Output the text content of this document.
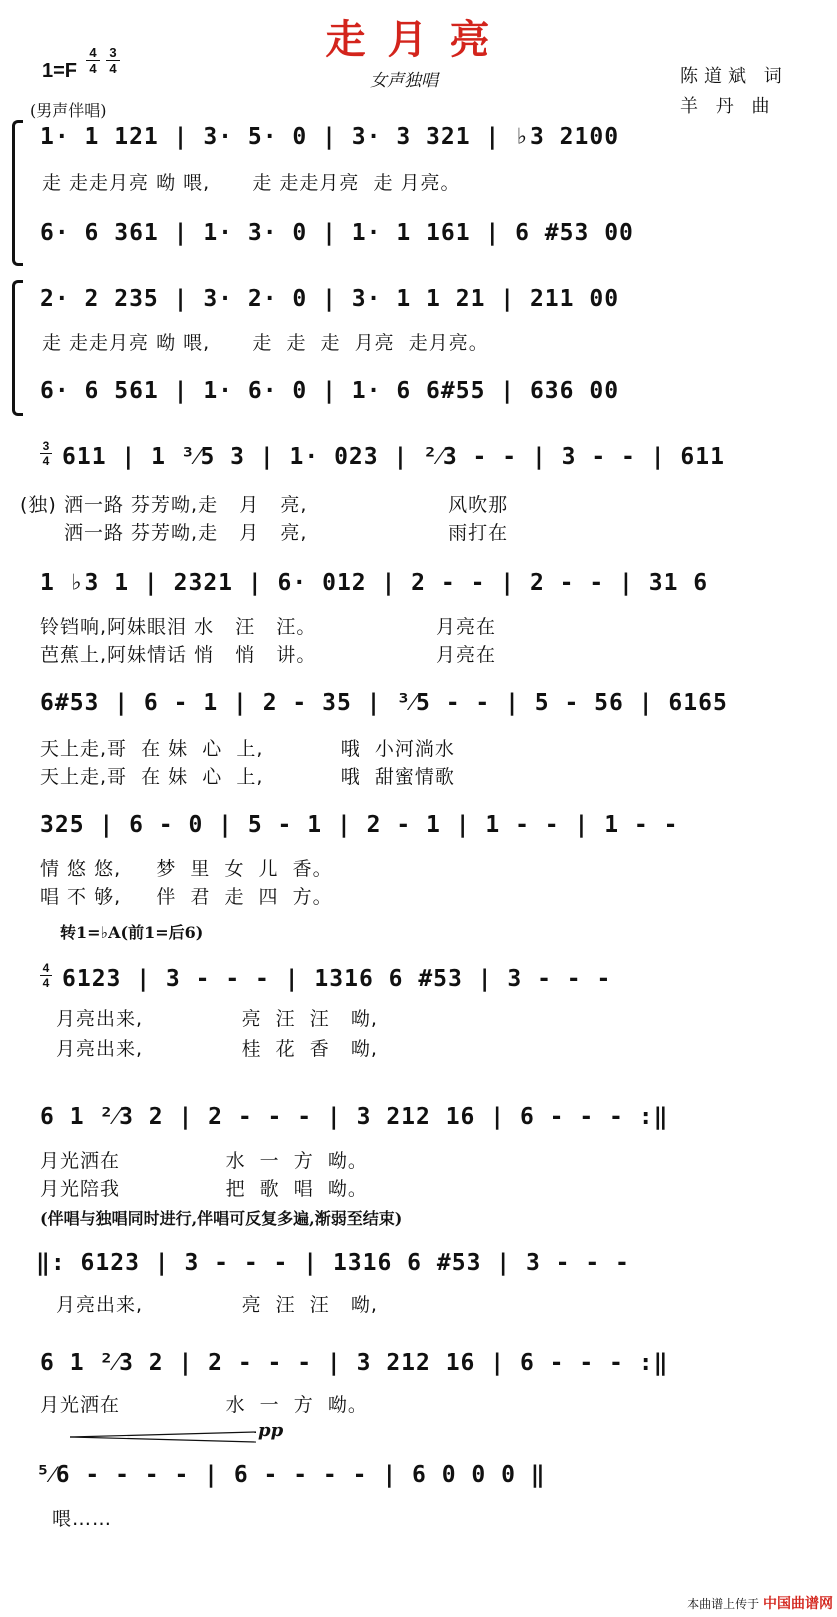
走月亮
1=F
4
4
3
4
女声独唱	陈道斌 词
羊 丹 曲
(男声伴唱)
1· 1 121 | 3· 5· 0 | 3· 3 321 | ♭3 2100
走 走走月亮 呦 喂,      走 走走月亮  走 月亮。
6· 6 361 | 1· 3· 0 | 1· 1 161 | 6 #53 00
2· 2 235 | 3· 2· 0 | 3· 1 1 21 | 211 00
走 走走月亮 呦 喂,      走  走  走  月亮  走月亮。
6· 6 561 | 1· 6· 0 | 1· 6 6#55 | 636 00
3
4 611 | 1 ³⁄5 3 | 1· 023 | ²⁄3 - - | 3 - - | 611
(独) 洒一路 芬芳呦,走   月   亮,                    风吹那
洒一路 芬芳呦,走   月   亮,                    雨打在
1 ♭3 1 | 2321 | 6· 012 | 2 - - | 2 - - | 31 6
铃铛响,阿妹眼泪 水   汪   汪。                 月亮在
芭蕉上,阿妹情话 悄   悄   讲。                 月亮在
6#53 | 6 - 1 | 2 - 35 | ³⁄5 - - | 5 - 56 | 6165
天上走,哥  在 妹  心  上,           哦  小河淌水
天上走,哥  在 妹  心  上,           哦  甜蜜情歌
325 | 6 - 0 | 5 - 1 | 2 - 1 | 1 - - | 1 - -
情 悠 悠,     梦  里  女  儿  香。
唱 不 够,     伴  君  走  四  方。
转1=♭A(前1=后6)
4
4 6123 | 3 - - - | 1316 6 #53 | 3 - - -
月亮出来,              亮  汪  汪   呦,
月亮出来,              桂  花  香   呦,
6 1 ²⁄3 2 | 2 - - - | 3 212 16 | 6 - - - :‖
月光洒在               水  一  方  呦。
月光陪我               把  歌  唱  呦。
(伴唱与独唱同时进行,伴唱可反复多遍,渐弱至结束)
‖: 6123 | 3 - - - | 1316 6 #53 | 3 - - -
月亮出来,              亮  汪  汪   呦,
6 1 ²⁄3 2 | 2 - - - | 3 212 16 | 6 - - - :‖
月光洒在               水  一  方  呦。
pp
⁵⁄6 - - - - | 6 - - - - | 6 0 0 0 ‖
喂……
本曲谱上传于 中国曲谱网
